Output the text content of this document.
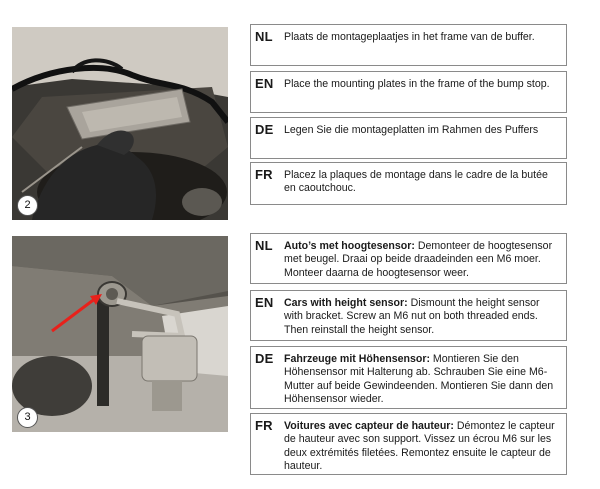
2
3
NL Plaats de montageplaatjes in het frame van de buffer.
EN Place the mounting plates in the frame of the bump stop.
DE Legen Sie die montageplatten im Rahmen des Puffers
FR Placez la plaques de montage dans le cadre de la butée en caoutchouc.
NL Auto’s met hoogtesensor: Demonteer de hoogtesensor met beugel. Draai op beide draadeinden een M6 moer. Monteer daarna de hoogtesensor weer.
EN Cars with height sensor: Dismount the height sensor with bracket. Screw an M6 nut on both threaded ends. Then reinstall the height sensor.
DE Fahrzeuge mit Höhensensor: Montieren Sie den Höhensensor mit Halterung ab. Schrauben Sie eine M6-Mutter auf beide Gewindeenden. Montieren Sie dann den Höhensensor wieder.
FR Voitures avec capteur de hauteur: Démontez le capteur de hauteur avec son support. Vissez un écrou M6 sur les deux extrémités filetées. Remontez ensuite le capteur de hauteur.
